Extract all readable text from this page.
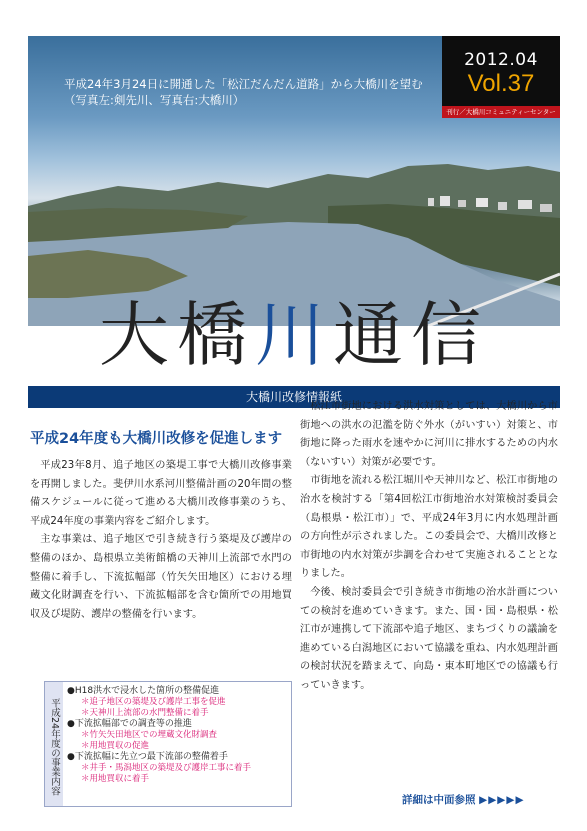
平成24年3月24日に開通した「松江だんだん道路」から大橋川を望む
（写真左:剣先川、写真右:大橋川）
2012.04
Vol.37
刊行／大橋川コミュニティーセンター
大橋川通信
大橋川改修情報紙
平成24年度も大橋川改修を促進します

平成23年8月、追子地区の築堤工事で大橋川改修事業を再開しました。斐伊川水系河川整備計画の20年間の整備スケジュールに従って進める大橋川改修事業のうち、平成24年度の事業内容をご紹介します。

主な事業は、追子地区で引き続き行う築堤及び護岸の整備のほか、島根県立美術館橋の天神川上流部で水門の整備に着手し、下流拡幅部（竹矢矢田地区）における埋蔵文化財調査を行い、下流拡幅部を含む箇所での用地買収及び堤防、護岸の整備を行います。

松江市街地における洪水対策としては、大橋川から市街地への洪水の氾濫を防ぐ外水（がいすい）対策と、市街地に降った雨水を速やかに河川に排水するための内水（ないすい）対策が必要です。

市街地を流れる松江堀川や天神川など、松江市街地の治水を検討する「第4回松江市街地治水対策検討委員会（島根県・松江市）」で、平成24年3月に内水処理計画の方向性が示されました。この委員会で、大橋川改修と市街地の内水対策が歩調を合わせて実施されることとなりました。

今後、検討委員会で引き続き市街地の治水計画についての検討を進めていきます。また、国・国・島根県・松江市が連携して下流部や追子地区、まちづくりの議論を進めている白潟地区において協議を重ね、内水処理計画の検討状況を踏まえて、向島・東本町地区での協議も行っていきます。

平成24年度の事業内容
●H18洪水で浸水した箇所の整備促進
＊追子地区の築堤及び護岸工事を促進
＊天神川上流部の水門整備に着手
●下流拡幅部での調査等の推進
＊竹矢矢田地区での埋蔵文化財調査
＊用地買収の促進
●下流拡幅に先立つ最下流部の整備着手
＊井手・馬潟地区の築堤及び護岸工事に着手
＊用地買収に着手
詳細は中面参照 ▶▶▶▶▶
